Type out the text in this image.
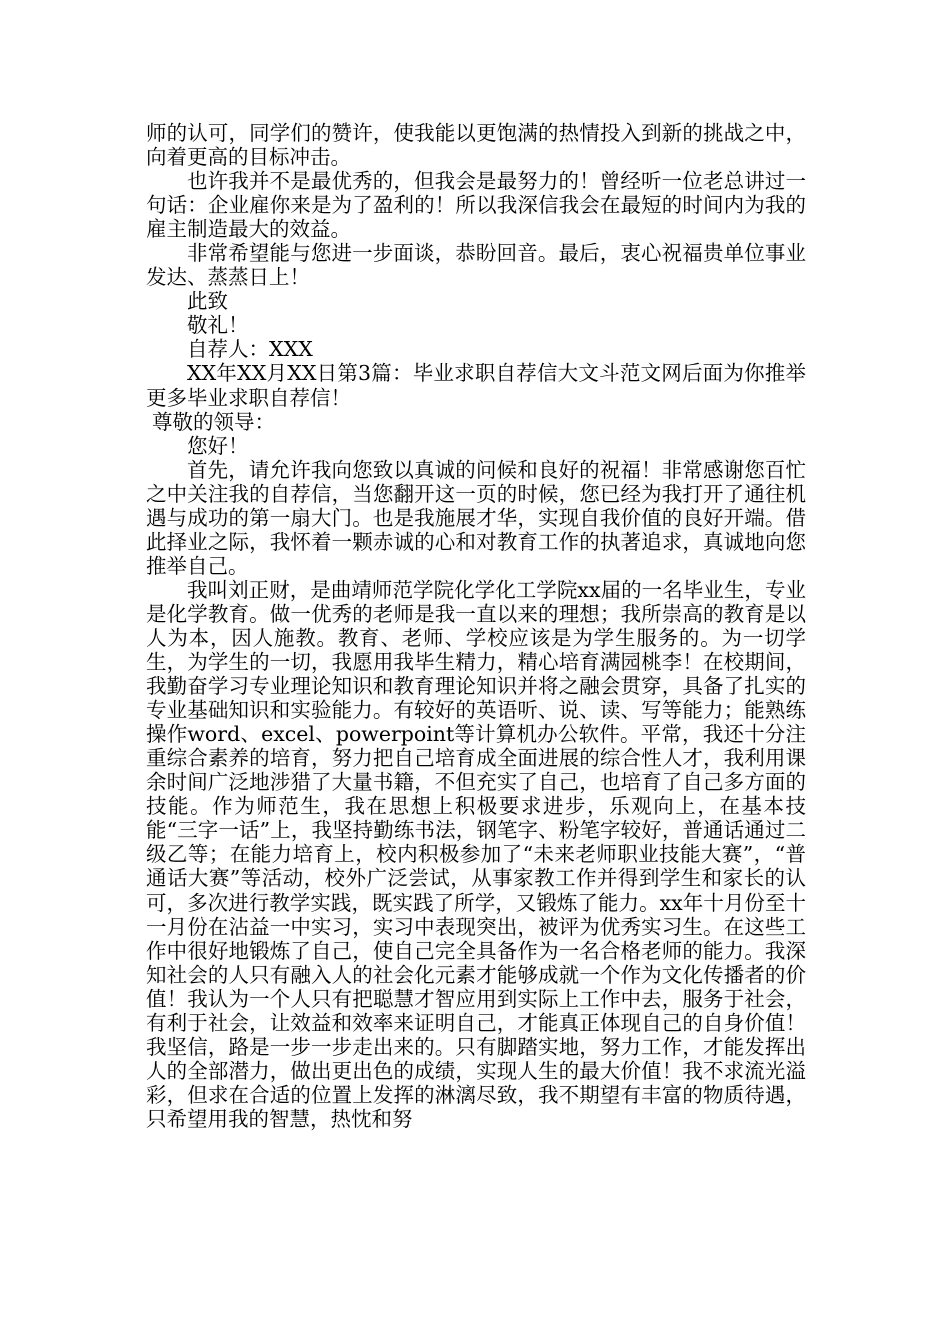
师的认可，同学们的赞许，使我能以更饱满的热情投入到新的挑战之中，向着更高的目标冲击。

也许我并不是最优秀的，但我会是最努力的！曾经听一位老总讲过一句话：企业雇你来是为了盈利的！所以我深信我会在最短的时间内为我的雇主制造最大的效益。

非常希望能与您进一步面谈，恭盼回音。最后，衷心祝福贵单位事业发达、蒸蒸日上！

此致

敬礼！

自荐人：XXX

XX年XX月XX日第3篇：毕业求职自荐信大文斗范文网后面为你推举更多毕业求职自荐信！

尊敬的领导：

您好！

首先，请允许我向您致以真诚的问候和良好的祝福！非常感谢您百忙之中关注我的自荐信，当您翻开这一页的时候，您已经为我打开了通往机遇与成功的第一扇大门。也是我施展才华，实现自我价值的良好开端。借此择业之际，我怀着一颗赤诚的心和对教育工作的执著追求，真诚地向您推举自己。

我叫刘正财，是曲靖师范学院化学化工学院xx届的一名毕业生，专业是化学教育。做一优秀的老师是我一直以来的理想；我所崇高的教育是以人为本，因人施教。教育、老师、学校应该是为学生服务的。为一切学生，为学生的一切，我愿用我毕生精力，精心培育满园桃李！在校期间，我勤奋学习专业理论知识和教育理论知识并将之融会贯穿，具备了扎实的专业基础知识和实验能力。有较好的英语听、说、读、写等能力；能熟练操作word、excel、powerpoint等计算机办公软件。平常，我还十分注重综合素养的培育，努力把自己培育成全面进展的综合性人才，我利用课余时间广泛地涉猎了大量书籍，不但充实了自己，也培育了自己多方面的技能。作为师范生，我在思想上积极要求进步，乐观向上，在基本技能“三字一话”上，我坚持勤练书法，钢笔字、粉笔字较好，普通话通过二级乙等；在能力培育上，校内积极参加了“未来老师职业技能大赛”，“普通话大赛”等活动，校外广泛尝试，从事家教工作并得到学生和家长的认可，多次进行教学实践，既实践了所学，又锻炼了能力。xx年十月份至十一月份在沾益一中实习，实习中表现突出，被评为优秀实习生。在这些工作中很好地锻炼了自己，使自己完全具备作为一名合格老师的能力。我深知社会的人只有融入人的社会化元素才能够成就一个作为文化传播者的价值！我认为一个人只有把聪慧才智应用到实际上工作中去，服务于社会，有利于社会，让效益和效率来证明自己，才能真正体现自己的自身价值！我坚信，路是一步一步走出来的。只有脚踏实地，努力工作，才能发挥出人的全部潜力，做出更出色的成绩，实现人生的最大价值！我不求流光溢彩，但求在合适的位置上发挥的淋漓尽致，我不期望有丰富的物质待遇，只希望用我的智慧，热忱和努
